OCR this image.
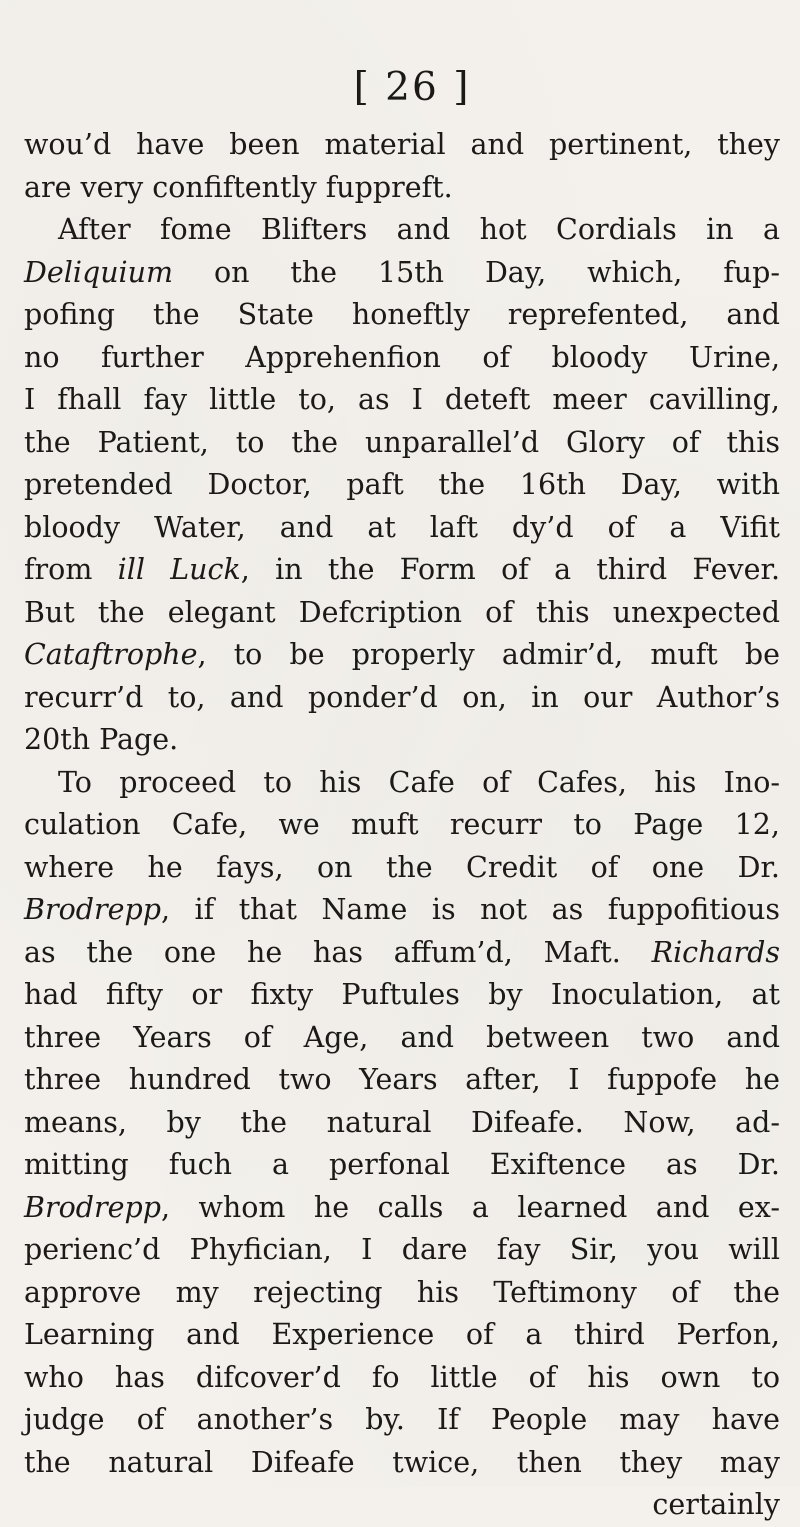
[ 26 ]
wou’d have been material and pertinent, they
are very confiftently fuppreft.
After fome Blifters and hot Cordials in a
Deliquium on the 15th Day, which, fup-
pofing the State honeftly reprefented, and
no further Apprehenfion of bloody Urine,
I fhall fay little to, as I deteft meer cavilling,
the Patient, to the unparallel’d Glory of this
pretended Doctor, paft the 16th Day, with
bloody Water, and at laft dy’d of a Vifit
from ill Luck, in the Form of a third Fever.
But the elegant Defcription of this unexpected
Cataftrophe, to be properly admir’d, muft be
recurr’d to, and ponder’d on, in our Author’s
20th Page.
To proceed to his Cafe of Cafes, his Ino-
culation Cafe, we muft recurr to Page 12,
where he fays, on the Credit of one Dr.
Brodrepp, if that Name is not as fuppofitious
as the one he has affum’d, Maft. Richards
had fifty or fixty Puftules by Inoculation, at
three Years of Age, and between two and
three hundred two Years after, I fuppofe he
means, by the natural Difeafe. Now, ad-
mitting fuch a perfonal Exiftence as Dr.
Brodrepp, whom he calls a learned and ex-
perienc’d Phyfician, I dare fay Sir, you will
approve my rejecting his Teftimony of the
Learning and Experience of a third Perfon,
who has difcover’d fo little of his own to
judge of another’s by. If People may have
the natural Difeafe twice, then they may
certainly
